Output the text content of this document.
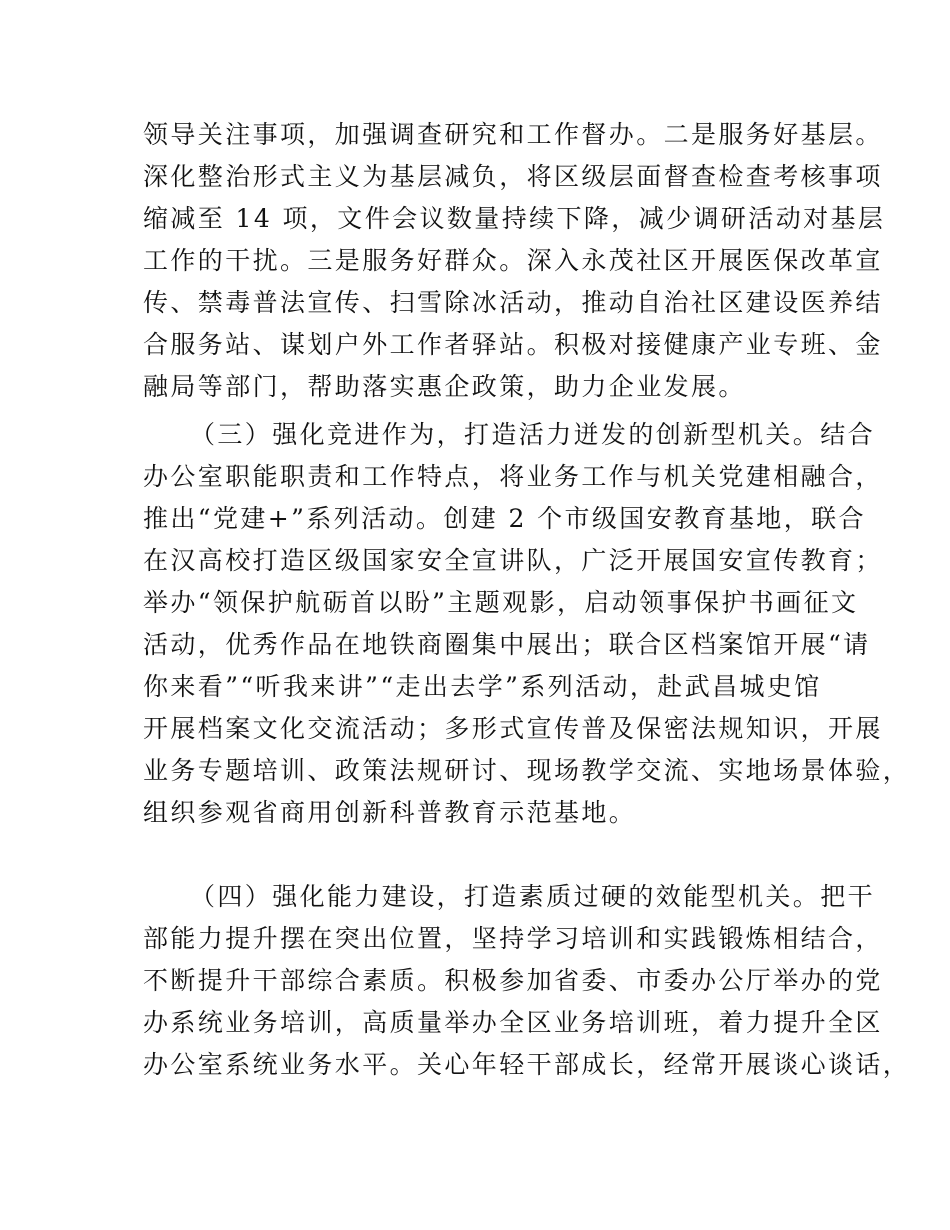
领导关注事项，加强调查研究和工作督办。二是服务好基层。
深化整治形式主义为基层减负，将区级层面督查检查考核事项
缩减至 14 项，文件会议数量持续下降，减少调研活动对基层
工作的干扰。三是服务好群众。深入永茂社区开展医保改革宣
传、禁毒普法宣传、扫雪除冰活动，推动自治社区建设医养结
合服务站、谋划户外工作者驿站。积极对接健康产业专班、金
融局等部门，帮助落实惠企政策，助力企业发展。
（三）强化竞进作为，打造活力迸发的创新型机关。结合
办公室职能职责和工作特点，将业务工作与机关党建相融合，
推出“党建+”系列活动。创建 2 个市级国安教育基地，联合
在汉高校打造区级国家安全宣讲队，广泛开展国安宣传教育；
举办“领保护航砺首以盼”主题观影，启动领事保护书画征文
活动，优秀作品在地铁商圈集中展出；联合区档案馆开展“请
你来看”“听我来讲”“走出去学”系列活动，赴武昌城史馆
开展档案文化交流活动；多形式宣传普及保密法规知识，开展
业务专题培训、政策法规研讨、现场教学交流、实地场景体验，
组织参观省商用创新科普教育示范基地。
（四）强化能力建设，打造素质过硬的效能型机关。把干
部能力提升摆在突出位置，坚持学习培训和实践锻炼相结合，
不断提升干部综合素质。积极参加省委、市委办公厅举办的党
办系统业务培训，高质量举办全区业务培训班，着力提升全区
办公室系统业务水平。关心年轻干部成长，经常开展谈心谈话，
